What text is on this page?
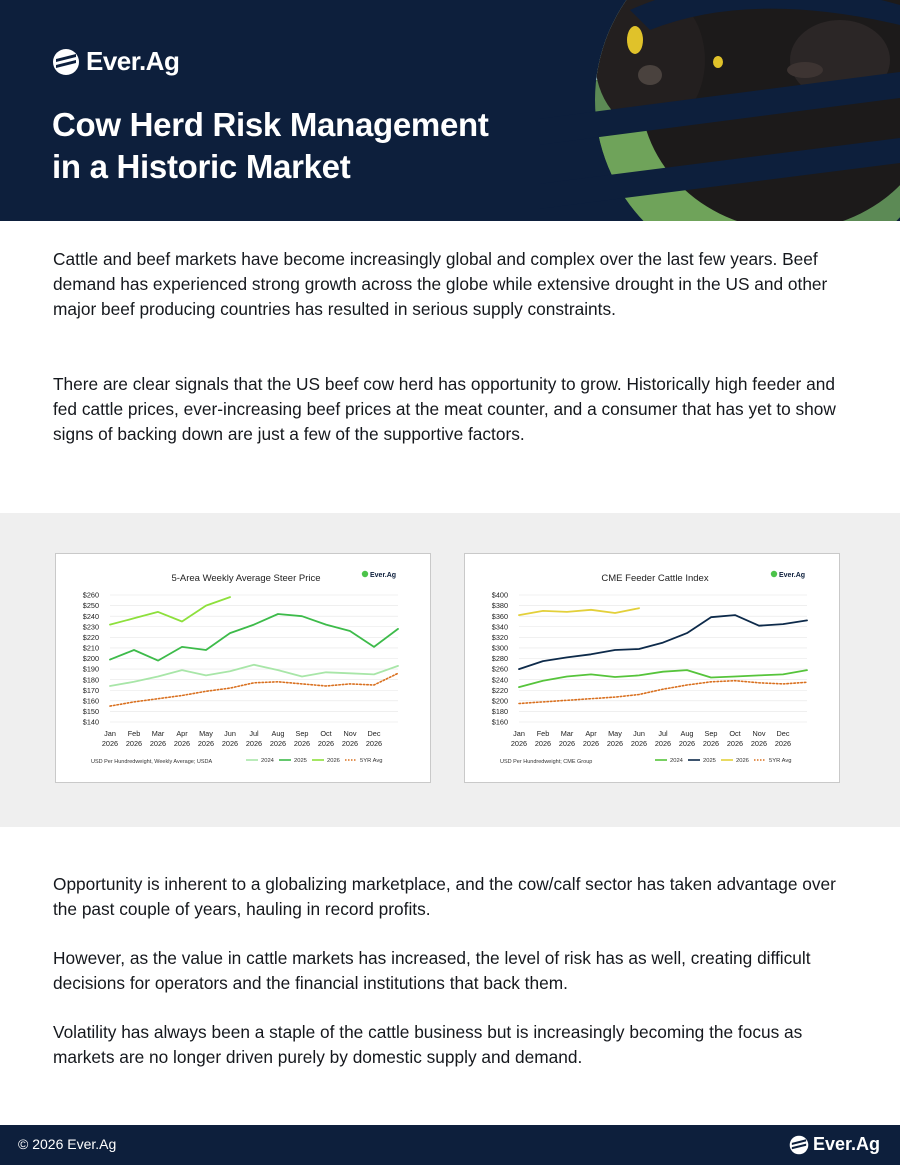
Ever.Ag
Cow Herd Risk Management
in a Historic Market

Cattle and beef markets have become increasingly global and complex over the last few years. Beef demand has experienced strong growth across the globe while extensive drought in the US and other major beef producing countries has resulted in serious supply constraints.

There are clear signals that the US beef cow herd has opportunity to grow. Historically high feeder and fed cattle prices, ever-increasing beef prices at the meat counter, and a consumer that has yet to show signs of backing down are just a few of the supportive factors.

5-Area Weekly Average Steer Price	Ever.Ag
$140
$150
$160
$170
$180
$190
$200
$210
$220
$230
$240
$250
$260
Jan
2026
Feb
2026
Mar
2026
Apr
2026
May
2026
Jun
2026
Jul
2026
Aug
2026
Sep
2026
Oct
2026
Nov
2026
Dec
2026
USD Per Hundredweight, Weekly Average; USDA	2024	2025	2026	5YR Avg
CME Feeder Cattle Index	Ever.Ag
$160
$180
$200
$220
$240
$260
$280
$300
$320
$340
$360
$380
$400
Jan
2026
Feb
2026
Mar
2026
Apr
2026
May
2026
Jun
2026
Jul
2026
Aug
2026
Sep
2026
Oct
2026
Nov
2026
Dec
2026
USD Per Hundredweight; CME Group	2024	2025	2026	5YR Avg

Opportunity is inherent to a globalizing marketplace, and the cow/calf sector has taken advantage over the past couple of years, hauling in record profits.

However, as the value in cattle markets has increased, the level of risk has as well, creating difficult decisions for operators and the financial institutions that back them.

Volatility has always been a staple of the cattle business but is increasingly becoming the focus as markets are no longer driven purely by domestic supply and demand.

© 2026 Ever.Ag	Ever.Ag
